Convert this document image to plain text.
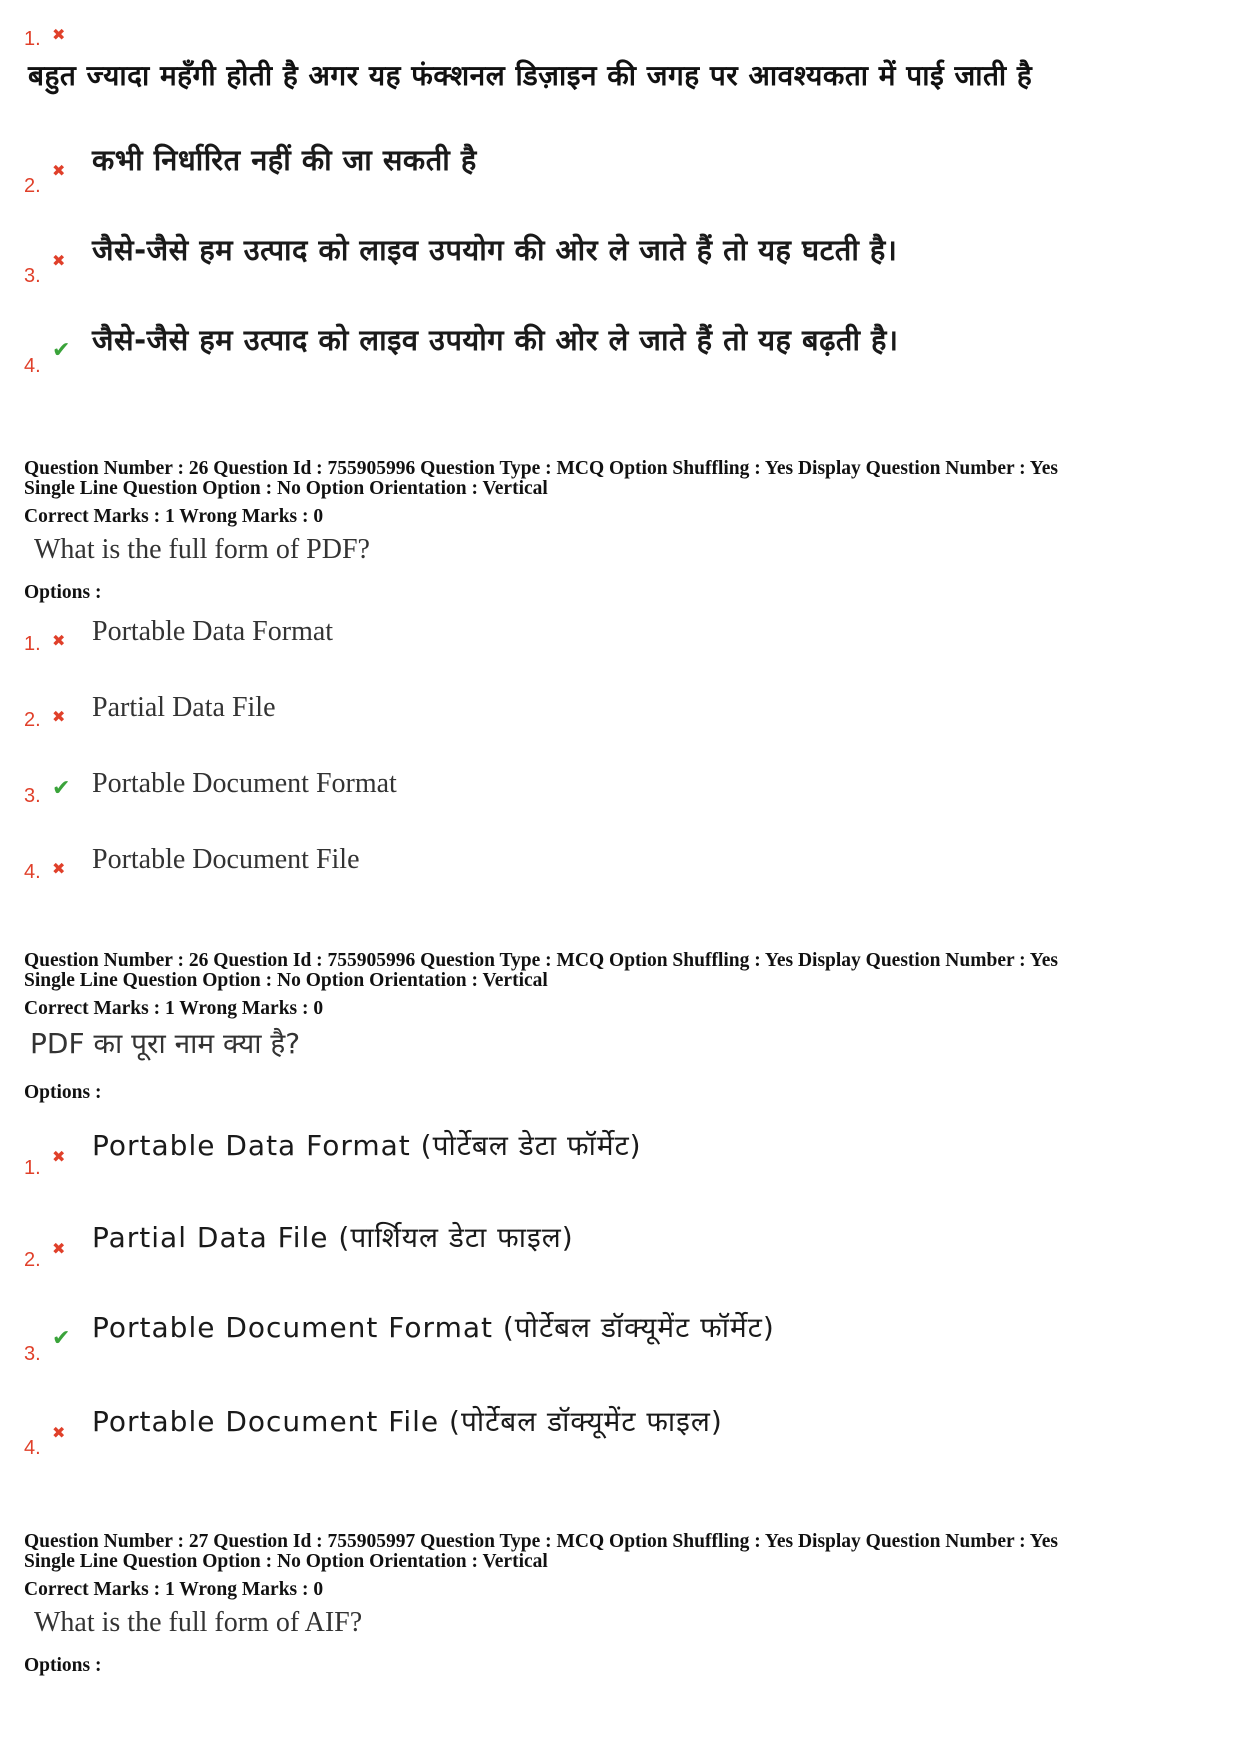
1. ✖
बहुत ज्यादा महँगी होती है अगर यह फंक्शनल डिज़ाइन की जगह पर आवश्यकता में पाई जाती है
2.
✖ कभी निर्धारित नहीं की जा सकती है
3.
✖ जैसे-जैसे हम उत्पाद को लाइव उपयोग की ओर ले जाते हैं तो यह घटती है।
4.
✔ जैसे-जैसे हम उत्पाद को लाइव उपयोग की ओर ले जाते हैं तो यह बढ़ती है।
Question Number : 26 Question Id : 755905996 Question Type : MCQ Option Shuffling : Yes Display Question Number : Yes
Single Line Question Option : No Option Orientation : Vertical
Correct Marks : 1 Wrong Marks : 0
What is the full form of PDF?
Options :
1. ✖ Portable Data Format
2. ✖ Partial Data File
3. ✔ Portable Document Format
4. ✖ Portable Document File
Question Number : 26 Question Id : 755905996 Question Type : MCQ Option Shuffling : Yes Display Question Number : Yes
Single Line Question Option : No Option Orientation : Vertical
Correct Marks : 1 Wrong Marks : 0
PDF का पूरा नाम क्या है?
Options :
1.
✖ Portable Data Format (पोर्टेबल डेटा फॉर्मेट)
2.
✖ Partial Data File (पार्शियल डेटा फाइल)
3.
✔ Portable Document Format (पोर्टेबल डॉक्यूमेंट फॉर्मेट)
4.
✖ Portable Document File (पोर्टेबल डॉक्यूमेंट फाइल)
Question Number : 27 Question Id : 755905997 Question Type : MCQ Option Shuffling : Yes Display Question Number : Yes
Single Line Question Option : No Option Orientation : Vertical
Correct Marks : 1 Wrong Marks : 0
What is the full form of AIF?
Options :
